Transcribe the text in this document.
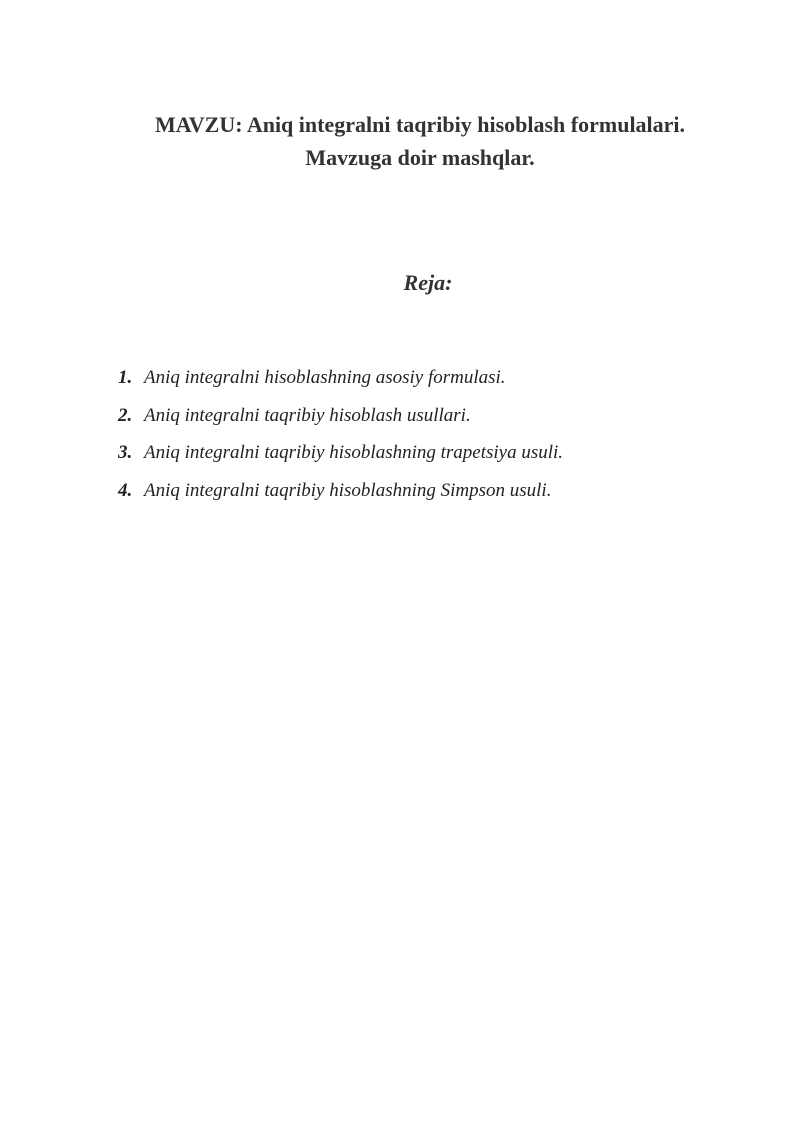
MAVZU: Aniq integralni taqribiy hisoblash formulalari.
Mavzuga doir mashqlar.
Reja:
1. Aniq integralni hisoblashning asosiy formulasi.
2. Aniq integralni taqribiy hisoblash usullari.
3. Aniq integralni taqribiy hisoblashning trapetsiya usuli.
4. Aniq integralni taqribiy hisoblashning Simpson usuli.
